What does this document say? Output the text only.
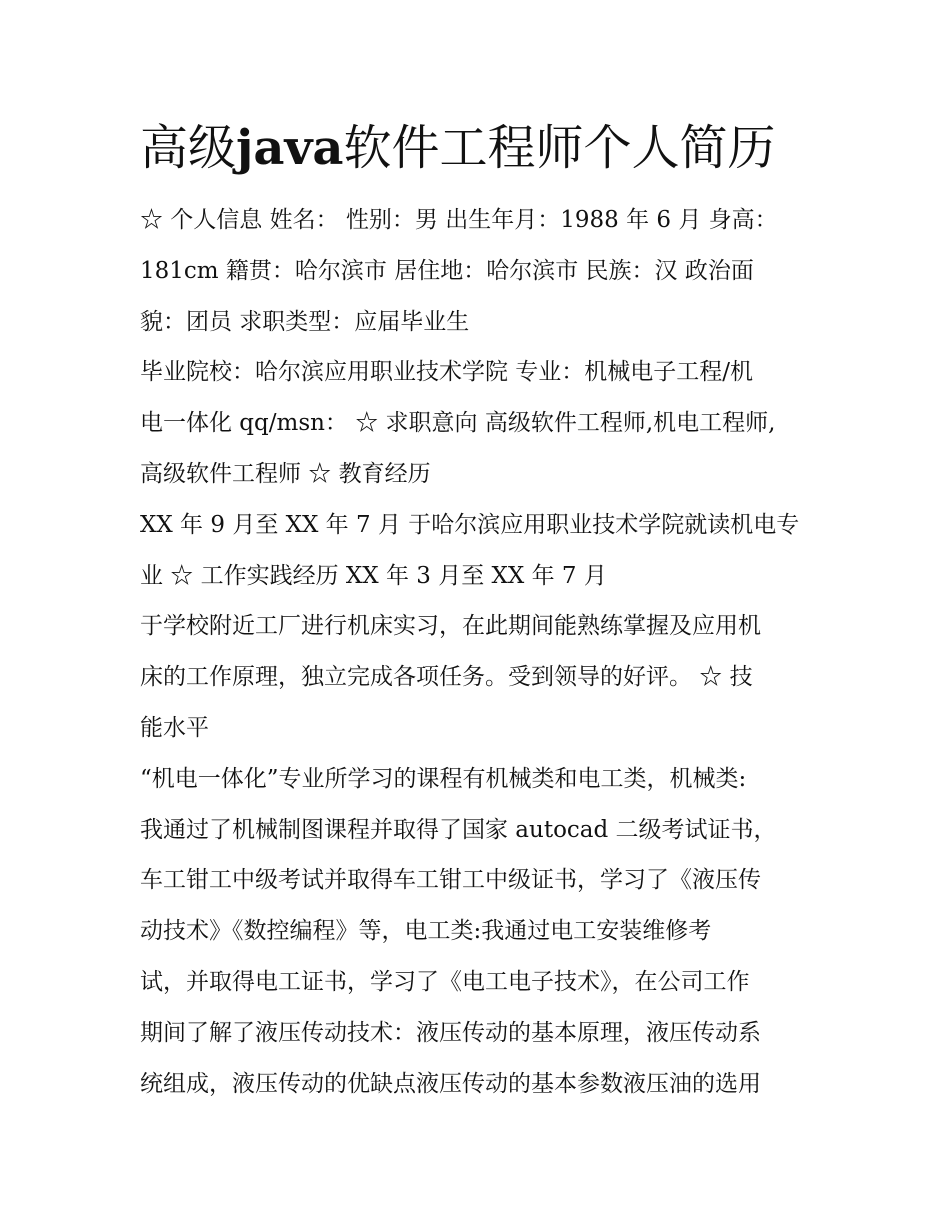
高级java软件工程师个人简历
☆ 个人信息 姓名： 性别：男 出生年月：1988 年 6 月 身高：
181cm 籍贯：哈尔滨市 居住地：哈尔滨市 民族：汉 政治面
貌：团员 求职类型：应届毕业生
毕业院校：哈尔滨应用职业技术学院 专业：机械电子工程/机
电一体化 qq/msn： ☆ 求职意向 高级软件工程师,机电工程师,
高级软件工程师 ☆ 教育经历
XX 年 9 月至 XX 年 7 月 于哈尔滨应用职业技术学院就读机电专
业 ☆ 工作实践经历 XX 年 3 月至 XX 年 7 月
于学校附近工厂进行机床实习，在此期间能熟练掌握及应用机
床的工作原理，独立完成各项任务。受到领导的好评。 ☆ 技
能水平
“机电一体化”专业所学习的课程有机械类和电工类，机械类:
我通过了机械制图课程并取得了国家 autocad 二级考试证书，
车工钳工中级考试并取得车工钳工中级证书，学习了《液压传
动技术》《数控编程》等，电工类:我通过电工安装维修考
试，并取得电工证书，学习了《电工电子技术》，在公司工作
期间了解了液压传动技术：液压传动的基本原理，液压传动系
统组成，液压传动的优缺点液压传动的基本参数液压油的选用
